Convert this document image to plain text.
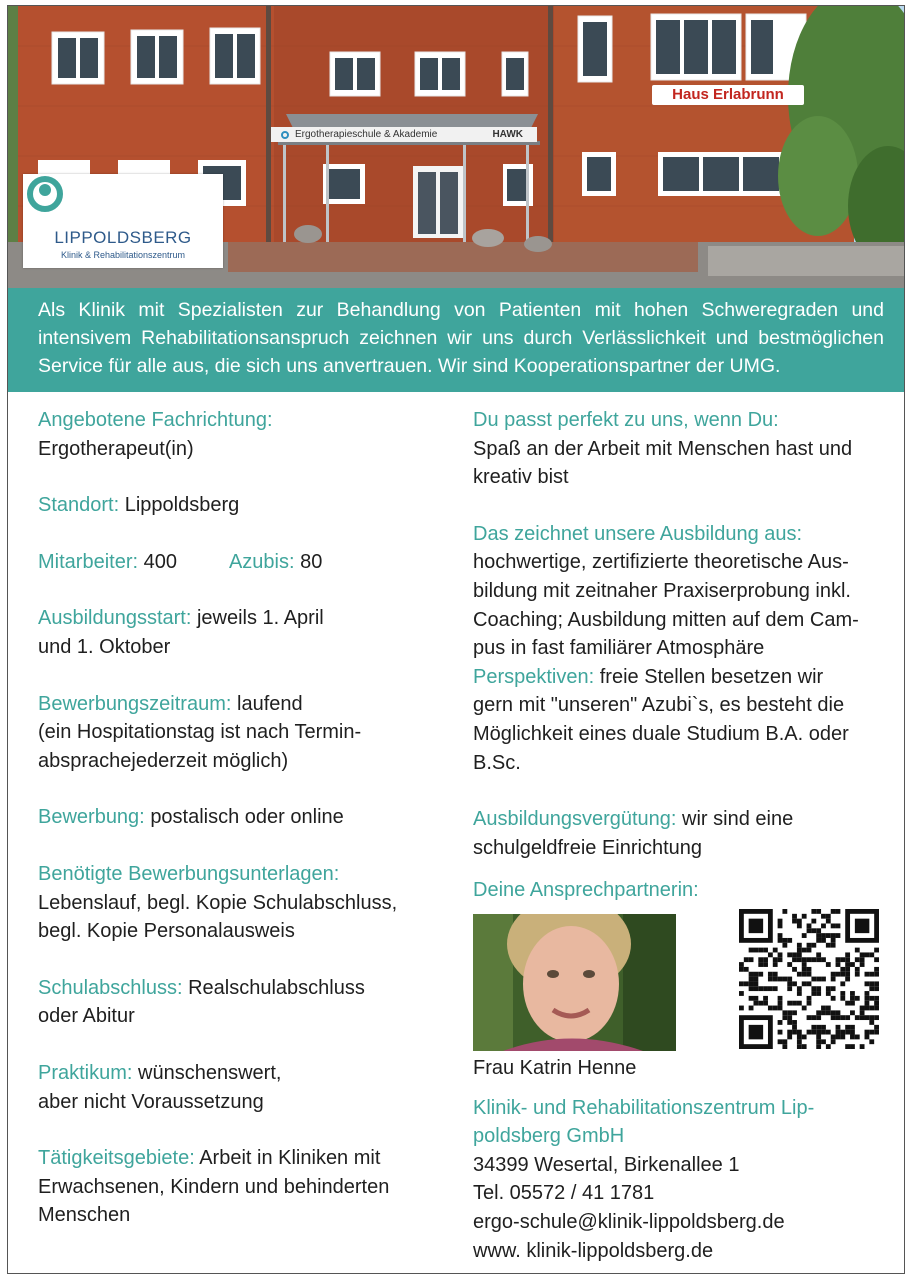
Haus Erlabrunn
Ergotherapieschule & Akademie	HAWK
LIPPOLDSBERG
Klinik & Rehabilitationszentrum
Als Klinik mit Spezialisten zur Behandlung von Patienten mit hohen Schweregraden und intensivem Rehabilitationsanspruch zeichnen wir uns durch Verlässlichkeit und bestmöglichen Service für alle aus, die sich uns anvertrauen. Wir sind Kooperationspartner der UMG.

Angebotene Fachrichtung:

Ergotherapeut(in)

Standort: Lippoldsberg

Mitarbeiter: 400	Azubis: 80

Ausbildungsstart: jeweils 1. April

und 1. Oktober

Bewerbungszeitraum: laufend

(ein Hospitationstag ist nach Termin-

absprachejederzeit möglich)

Bewerbung: postalisch oder online

Benötigte Bewerbungsunterlagen:

Lebenslauf, begl. Kopie Schulabschluss,

begl. Kopie Personalausweis

Schulabschluss: Realschulabschluss

oder Abitur

Praktikum: wünschenswert,

aber nicht Voraussetzung

Tätigkeitsgebiete: Arbeit in Kliniken mit

Erwachsenen, Kindern und behinderten

Menschen

Du passt perfekt zu uns, wenn Du:

Spaß an der Arbeit mit Menschen hast und

kreativ bist

Das zeichnet unsere Ausbildung aus:

hochwertige, zertifizierte theoretische Aus-

bildung mit zeitnaher Praxiserprobung inkl.

Coaching; Ausbildung mitten auf dem Cam-

pus in fast familiärer Atmosphäre

Perspektiven: freie Stellen besetzen wir

gern mit "unseren" Azubi`s, es besteht die

Möglichkeit eines duale Studium B.A. oder

B.Sc.

Ausbildungsvergütung: wir sind eine

schulgeldfreie Einrichtung

Deine Ansprechpartnerin:

Frau Katrin Henne

Klinik- und Rehabilitationszentrum Lip-

poldsberg GmbH

34399 Wesertal, Birkenallee 1

Tel. 05572 / 41 1781

ergo-schule@klinik-lippoldsberg.de

www. klinik-lippoldsberg.de
